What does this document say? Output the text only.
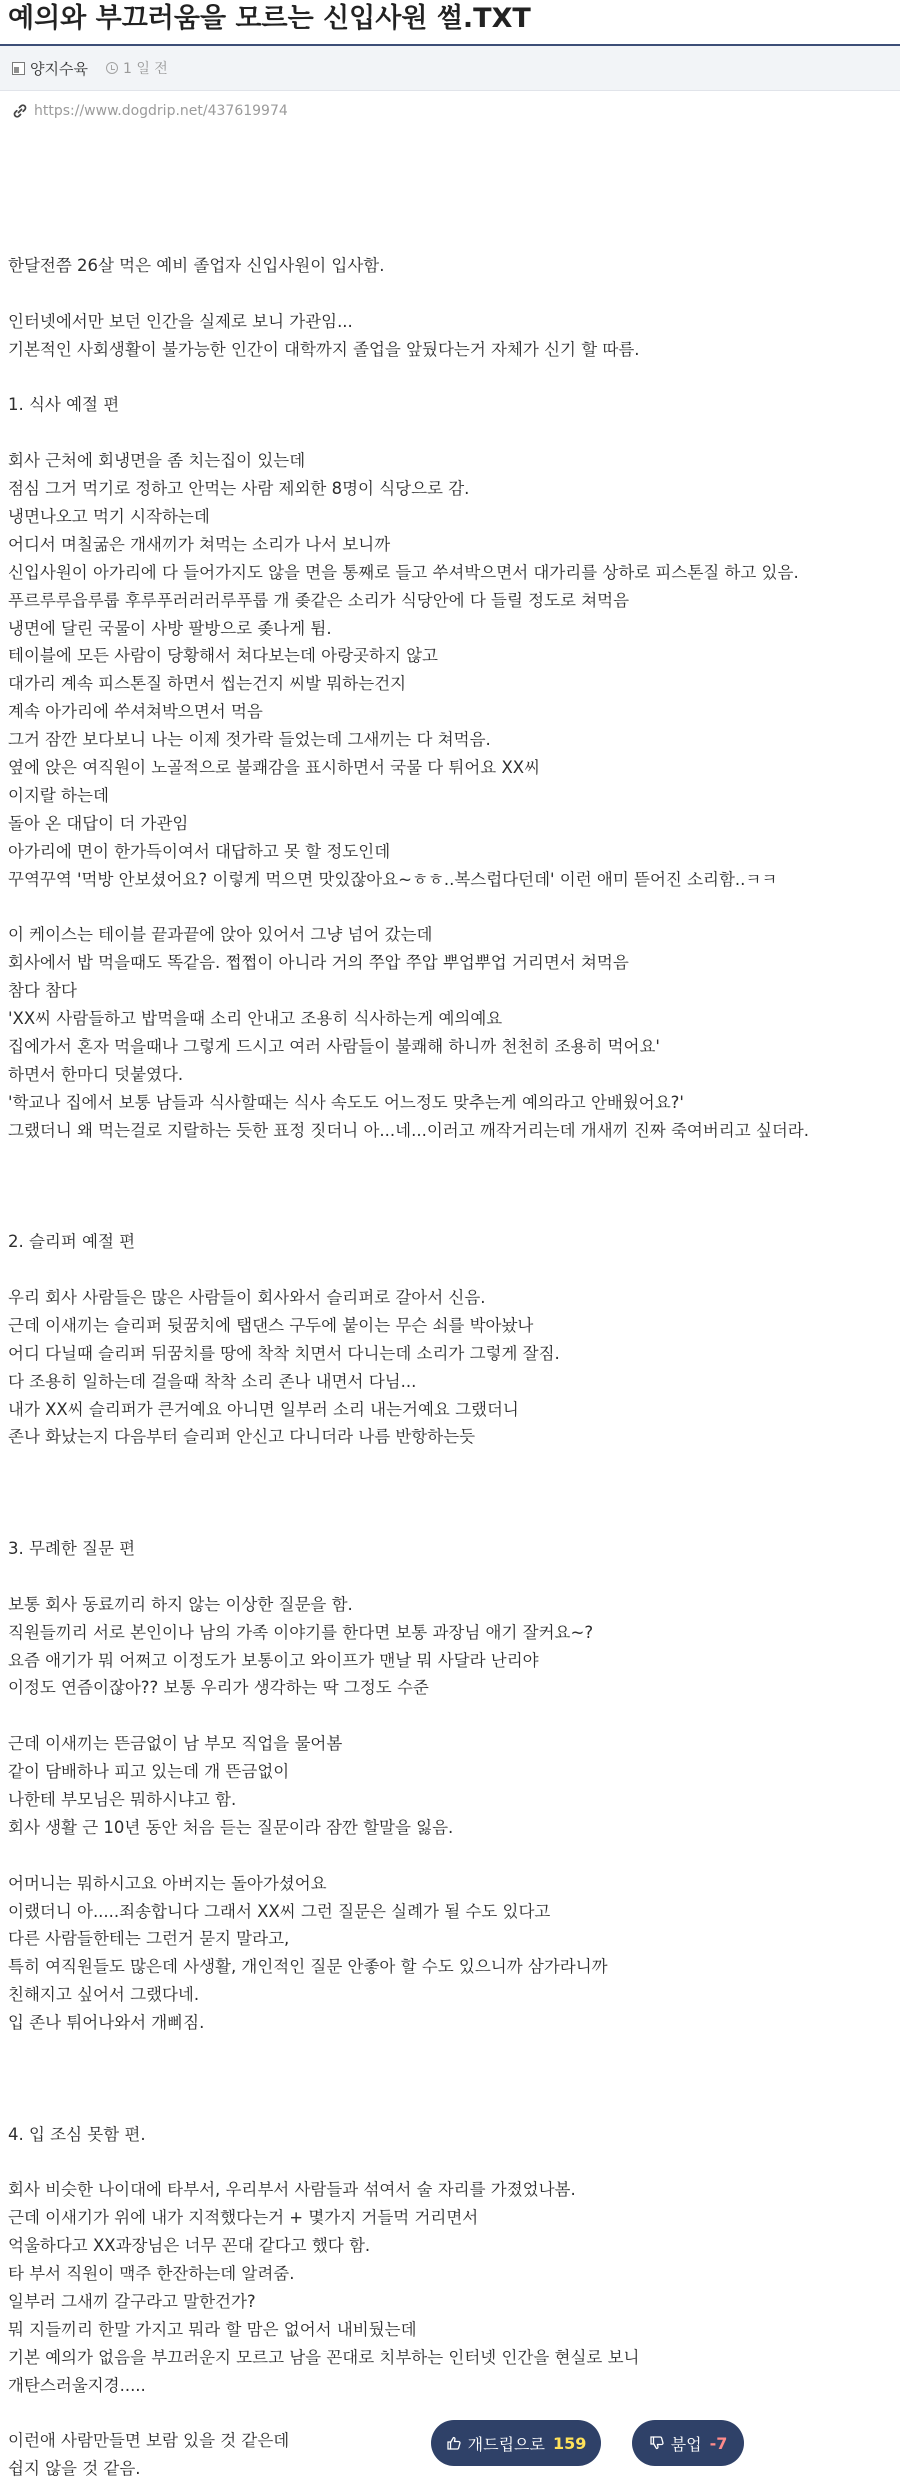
예의와 부끄러움을 모르는 신입사원 썰.TXT
양지수육	1 일 전
https://www.dogdrip.net/437619974
한달전쯤 26살 먹은 예비 졸업자 신입사원이 입사함.
인터넷에서만 보던 인간을 실제로 보니 가관임...
기본적인 사회생활이 불가능한 인간이 대학까지 졸업을 앞뒀다는거 자체가 신기 할 따름.
1. 식사 예절 편
회사 근처에 회냉면을 좀 치는집이 있는데
점심 그거 먹기로 정하고 안먹는 사람 제외한 8명이 식당으로 감.
냉면나오고 먹기 시작하는데
어디서 며칠굶은 개새끼가 쳐먹는 소리가 나서 보니까
신입사원이 아가리에 다 들어가지도 않을 면을 통째로 들고 쑤셔박으면서 대가리를 상하로 피스톤질 하고 있음.
푸르루루읍루룹 후루푸러러러루푸룹 개 좆같은 소리가 식당안에 다 들릴 정도로 쳐먹음
냉면에 달린 국물이 사방 팔방으로 좆나게 튐.
테이블에 모든 사람이 당황해서 쳐다보는데 아랑곳하지 않고
대가리 계속 피스톤질 하면서 씹는건지 씨발 뭐하는건지
계속 아가리에 쑤셔쳐박으면서 먹음
그거 잠깐 보다보니 나는 이제 젓가락 들었는데 그새끼는 다 쳐먹음.
옆에 앉은 여직원이 노골적으로 불쾌감을 표시하면서 국물 다 튀어요 XX씨
이지랄 하는데
돌아 온 대답이 더 가관임
아가리에 면이 한가득이여서 대답하고 못 할 정도인데
꾸역꾸역 '먹방 안보셨어요? 이렇게 먹으면 맛있잖아요~ㅎㅎ..복스럽다던데' 이런 애미 뜯어진 소리함..ㅋㅋ
이 케이스는 테이블 끝과끝에 앉아 있어서 그냥 넘어 갔는데
회사에서 밥 먹을때도 똑같음. 쩝쩝이 아니라 거의 쭈압 쭈압 뿌업뿌업 거리면서 쳐먹음
참다 참다
'XX씨 사람들하고 밥먹을때 소리 안내고 조용히 식사하는게 예의예요
집에가서 혼자 먹을때나 그렇게 드시고 여러 사람들이 불쾌해 하니까 천천히 조용히 먹어요'
하면서 한마디 덧붙였다.
'학교나 집에서 보통 남들과 식사할때는 식사 속도도 어느정도 맞추는게 예의라고 안배웠어요?'
그랬더니 왜 먹는걸로 지랄하는 듯한 표정 짓더니 아...네...이러고 깨작거리는데 개새끼 진짜 죽여버리고 싶더라.
2. 슬리퍼 예절 편
우리 회사 사람들은 많은 사람들이 회사와서 슬리퍼로 갈아서 신음.
근데 이새끼는 슬리퍼 뒷꿈치에 탭댄스 구두에 붙이는 무슨 쇠를 박아놨나
어디 다닐때 슬리퍼 뒤꿈치를 땅에 착착 치면서 다니는데 소리가 그렇게 잘짐.
다 조용히 일하는데 걸을때 착착 소리 존나 내면서 다님...
내가 XX씨 슬리퍼가 큰거예요 아니면 일부러 소리 내는거예요 그랬더니
존나 화났는지 다음부터 슬리퍼 안신고 다니더라 나름 반항하는듯
3. 무례한 질문 편
보통 회사 동료끼리 하지 않는 이상한 질문을 함.
직원들끼리 서로 본인이나 남의 가족 이야기를 한다면 보통 과장님 애기 잘커요~?
요즘 애기가 뭐 어쩌고 이정도가 보통이고 와이프가 맨날 뭐 사달라 난리야
이정도 연즘이잖아?? 보통 우리가 생각하는 딱 그정도 수준
근데 이새끼는 뜬금없이 남 부모 직업을 물어봄
같이 담배하나 피고 있는데 개 뜬금없이
나한테 부모님은 뭐하시냐고 함.
회사 생활 근 10년 동안 처음 듣는 질문이라 잠깐 할말을 잃음.
어머니는 뭐하시고요 아버지는 돌아가셨어요
이랬더니 아.....죄송합니다 그래서 XX씨 그런 질문은 실례가 될 수도 있다고
다른 사람들한테는 그런거 묻지 말라고,
특히 여직원들도 많은데 사생활, 개인적인 질문 안좋아 할 수도 있으니까 삼가라니까
친해지고 싶어서 그랬다네.
입 존나 튀어나와서 개삐짐.
4. 입 조심 못함 편.
회사 비슷한 나이대에 타부서, 우리부서 사람들과 섞여서 술 자리를 가졌었나봄.
근데 이새기가 위에 내가 지적했다는거 + 몇가지 거들먹 거리면서
억울하다고 XX과장님은 너무 꼰대 같다고 했다 함.
타 부서 직원이 맥주 한잔하는데 알려줌.
일부러 그새끼 갈구라고 말한건가?
뭐 지들끼리 한말 가지고 뭐라 할 맘은 없어서 내비뒀는데
기본 예의가 없음을 부끄러운지 모르고 남을 꼰대로 치부하는 인터넷 인간을 현실로 보니
개탄스러울지경.....
이런애 사람만들면 보람 있을 것 같은데
쉽지 않을 것 같음.
개드립으로 159	붐업 -7
